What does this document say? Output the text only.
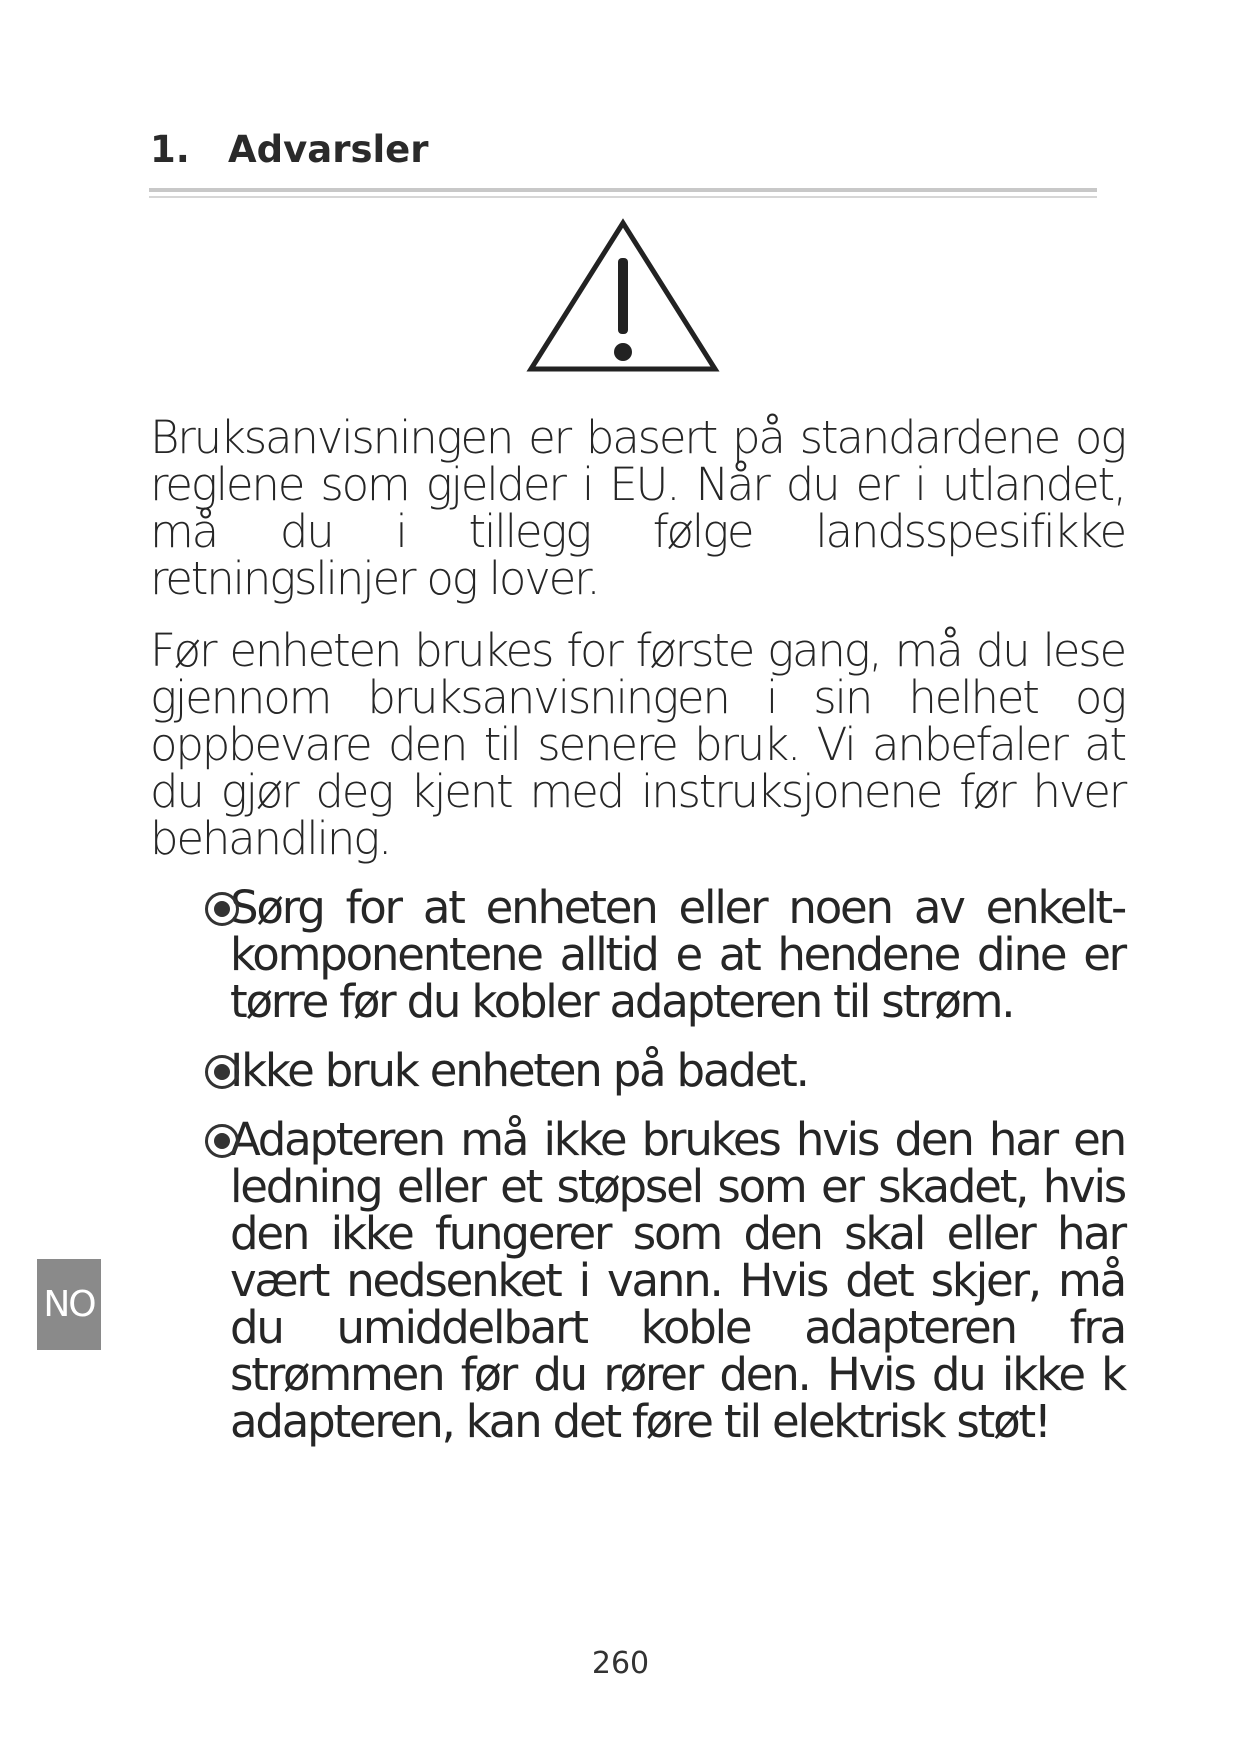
1. Advarsler

Bruksanvisningen er basert på standardene og reglene som gjelder i EU. Når du er i utlandet, må du i tillegg følge landsspesifikke retningslinjer og lover.

Før enheten brukes for første gang, må du lese gjennom bruksanvisningen i sin helhet og oppbevare den til senere bruk. Vi anbefaler at du gjør deg kjent med instruksjonene før hver behandling.

Sørg for at enheten eller noen av enkelt- komponentene alltid e at hendene dine er tørre før du kobler adapteren til strøm.
Ikke bruk enheten på badet.
Adapteren må ikke brukes hvis den har en ledning eller et støpsel som er skadet, hvis den ikke fungerer som den skal eller har vært nedsenket i vann. Hvis det skjer, må du umiddelbart koble adapteren fra strømmen før du rører den. Hvis du ikke k adapteren, kan det føre til elektrisk støt!
NO
260
